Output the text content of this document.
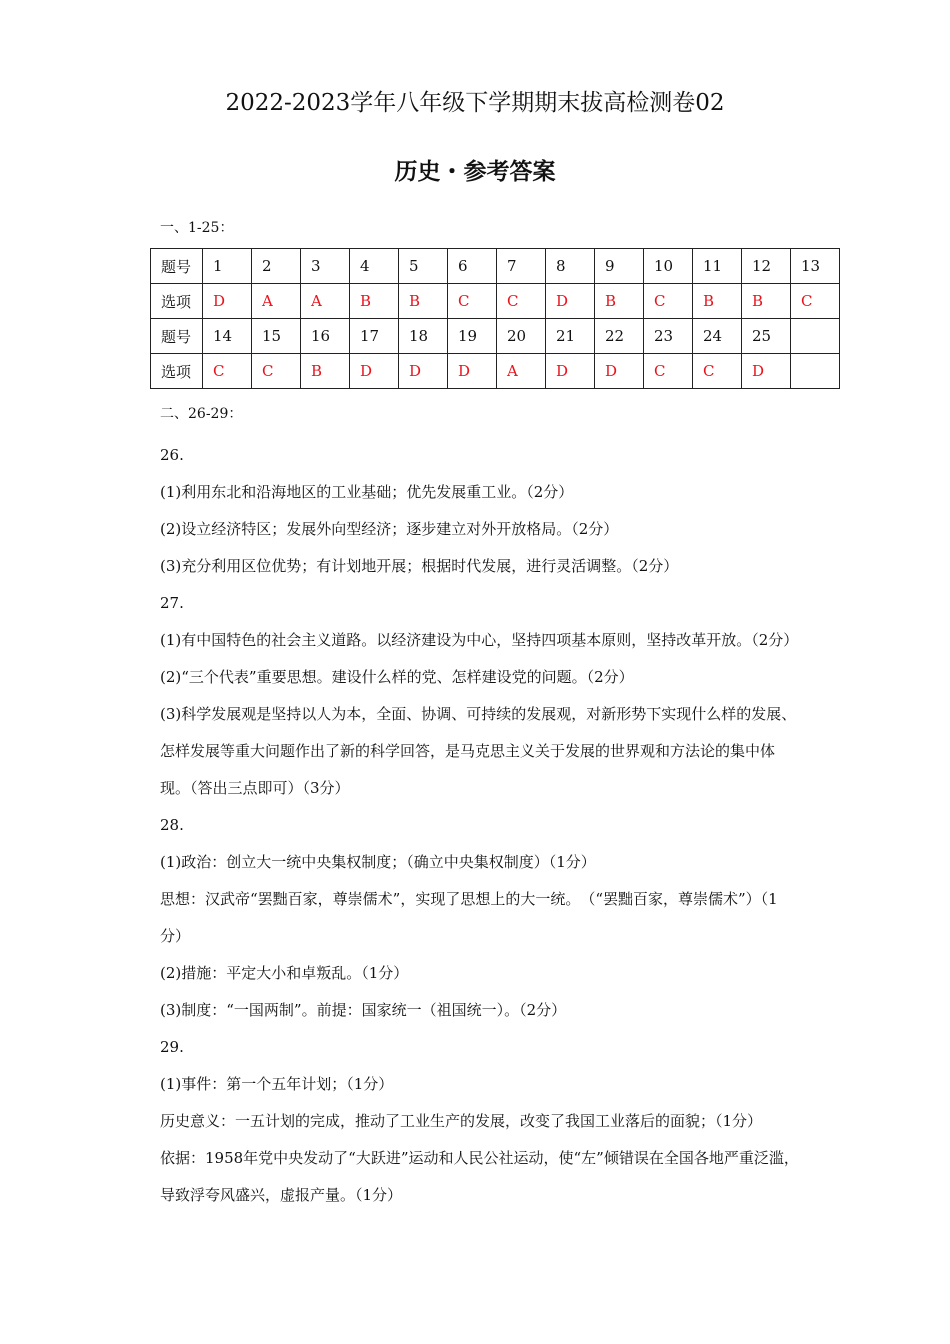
2022-2023学年八年级下学期期末拔高检测卷02
历史・参考答案
一、1-25：
题号	1	2	3	4	5	6	7	8	9	10	11	12	13
选项	D	A	A	B	B	C	C	D	B	C	B	B	C
题号	14	15	16	17	18	19	20	21	22	23	24	25	
选项	C	C	B	D	D	D	A	D	D	C	C	D	
二、26-29：

26.

(1)利用东北和沿海地区的工业基础；优先发展重工业。（2分）

(2)设立经济特区；发展外向型经济；逐步建立对外开放格局。（2分）

(3)充分利用区位优势；有计划地开展；根据时代发展，进行灵活调整。（2分）

27.

(1)有中国特色的社会主义道路。以经济建设为中心，坚持四项基本原则，坚持改革开放。（2分）

(2)“三个代表”重要思想。建设什么样的党、怎样建设党的问题。（2分）

(3)科学发展观是坚持以人为本，全面、协调、可持续的发展观，对新形势下实现什么样的发展、怎样发展等重大问题作出了新的科学回答，是马克思主义关于发展的世界观和方法论的集中体现。（答出三点即可）（3分）

28.

(1)政治：创立大一统中央集权制度；（确立中央集权制度）（1分）

思想：汉武帝“罢黜百家，尊崇儒术”，实现了思想上的大一统。　（“罢黜百家，尊崇儒术”）（1分）

(2)措施：平定大小和卓叛乱。（1分）

(3)制度：“一国两制”。前提：国家统一（祖国统一）。（2分）

29.

(1)事件：第一个五年计划；（1分）

历史意义：一五计划的完成，推动了工业生产的发展，改变了我国工业落后的面貌；（1分）

依据：1958年党中央发动了“大跃进”运动和人民公社运动，使“左”倾错误在全国各地严重泛滥，导致浮夸风盛兴，虚报产量。（1分）
